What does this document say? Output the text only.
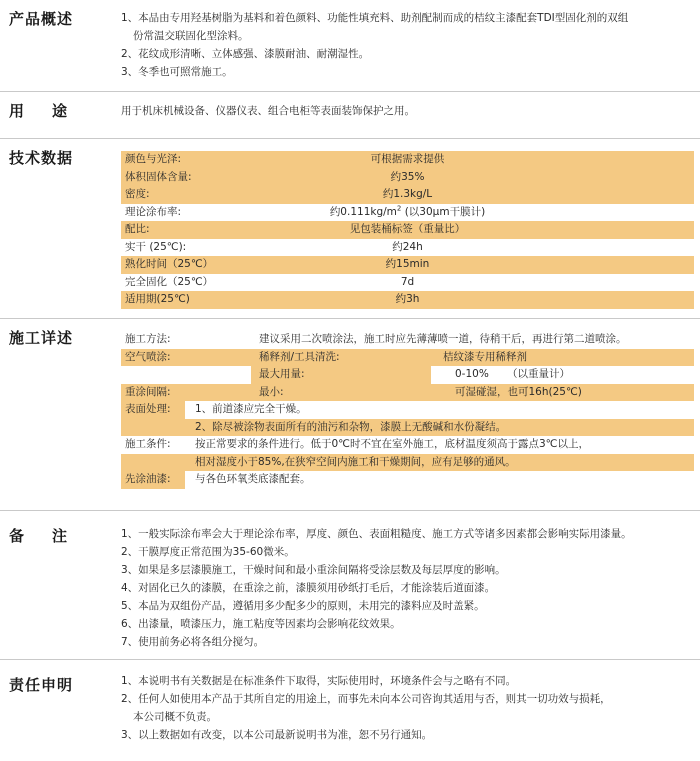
产品概述	1、本品由专用羟基树脂为基料和着色颜料、功能性填充料、助剂配制而成的桔纹主漆配套TDI型固化剂的双组
份常温交联固化型涂料。
2、花纹成形清晰、立体感强、漆膜耐油、耐潮湿性。
3、冬季也可照常施工。
用途 用于机床机械设备、仪器仪表、组合电柜等表面装饰保护之用。
技术数据	颜色与光泽:	可根据需求提供
体积固体含量:	约35%
密度:	约1.3kg/L
理论涂布率:	约$0.111kg/m^2$ (以30μm干膜计)
配比:	见包装桶标签（重量比）
实干 (25℃):	约24h
熟化时间（25℃）	约15min
完全固化（25℃）	7d
适用期(25℃)	约3h
施工详述	施工方法:	建议采用二次喷涂法，施工时应先薄薄喷一道，待稍干后，再进行第二道喷涂。
空气喷涂:	稀释剂/工具清洗:	桔纹漆专用稀释剂
最大用量:	0-10% （以重量计）
重涂间隔:	最小:	可湿碰湿，也可16h(25℃)
表面处理: 1、前道漆应完全干燥。
2、除尽被涂物表面所有的油污和杂物，漆膜上无酸碱和水份凝结。
施工条件: 按正常要求的条件进行。低于0℃时不宜在室外施工，底材温度须高于露点3℃以上，
相对湿度小于85%,在狭窄空间内施工和干燥期间，应有足够的通风。
先涂油漆: 与各色环氧类底漆配套。
备注 1、一般实际涂布率会大于理论涂布率，厚度、颜色、表面粗糙度、施工方式等诸多因素都会影响实际用漆量。
2、干膜厚度正常范围为35-60微米。
3、如果是多层漆膜施工，干燥时间和最小重涂间隔将受涂层数及每层厚度的影响。
4、对固化已久的漆膜，在重涂之前，漆膜须用砂纸打毛后，才能涂装后道面漆。
5、本品为双组份产品，遵循用多少配多少的原则，未用完的漆料应及时盖紧。
6、出漆量，喷漆压力，施工粘度等因素均会影响花纹效果。
7、使用前务必将各组分搅匀。
责任申明	1、本说明书有关数据是在标准条件下取得，实际使用时，环境条件会与之略有不同。
2、任何人如使用本产品于其所自定的用途上，而事先未向本公司咨询其适用与否，则其一切功效与损耗，
本公司概不负责。
3、以上数据如有改变，以本公司最新说明书为准，恕不另行通知。
